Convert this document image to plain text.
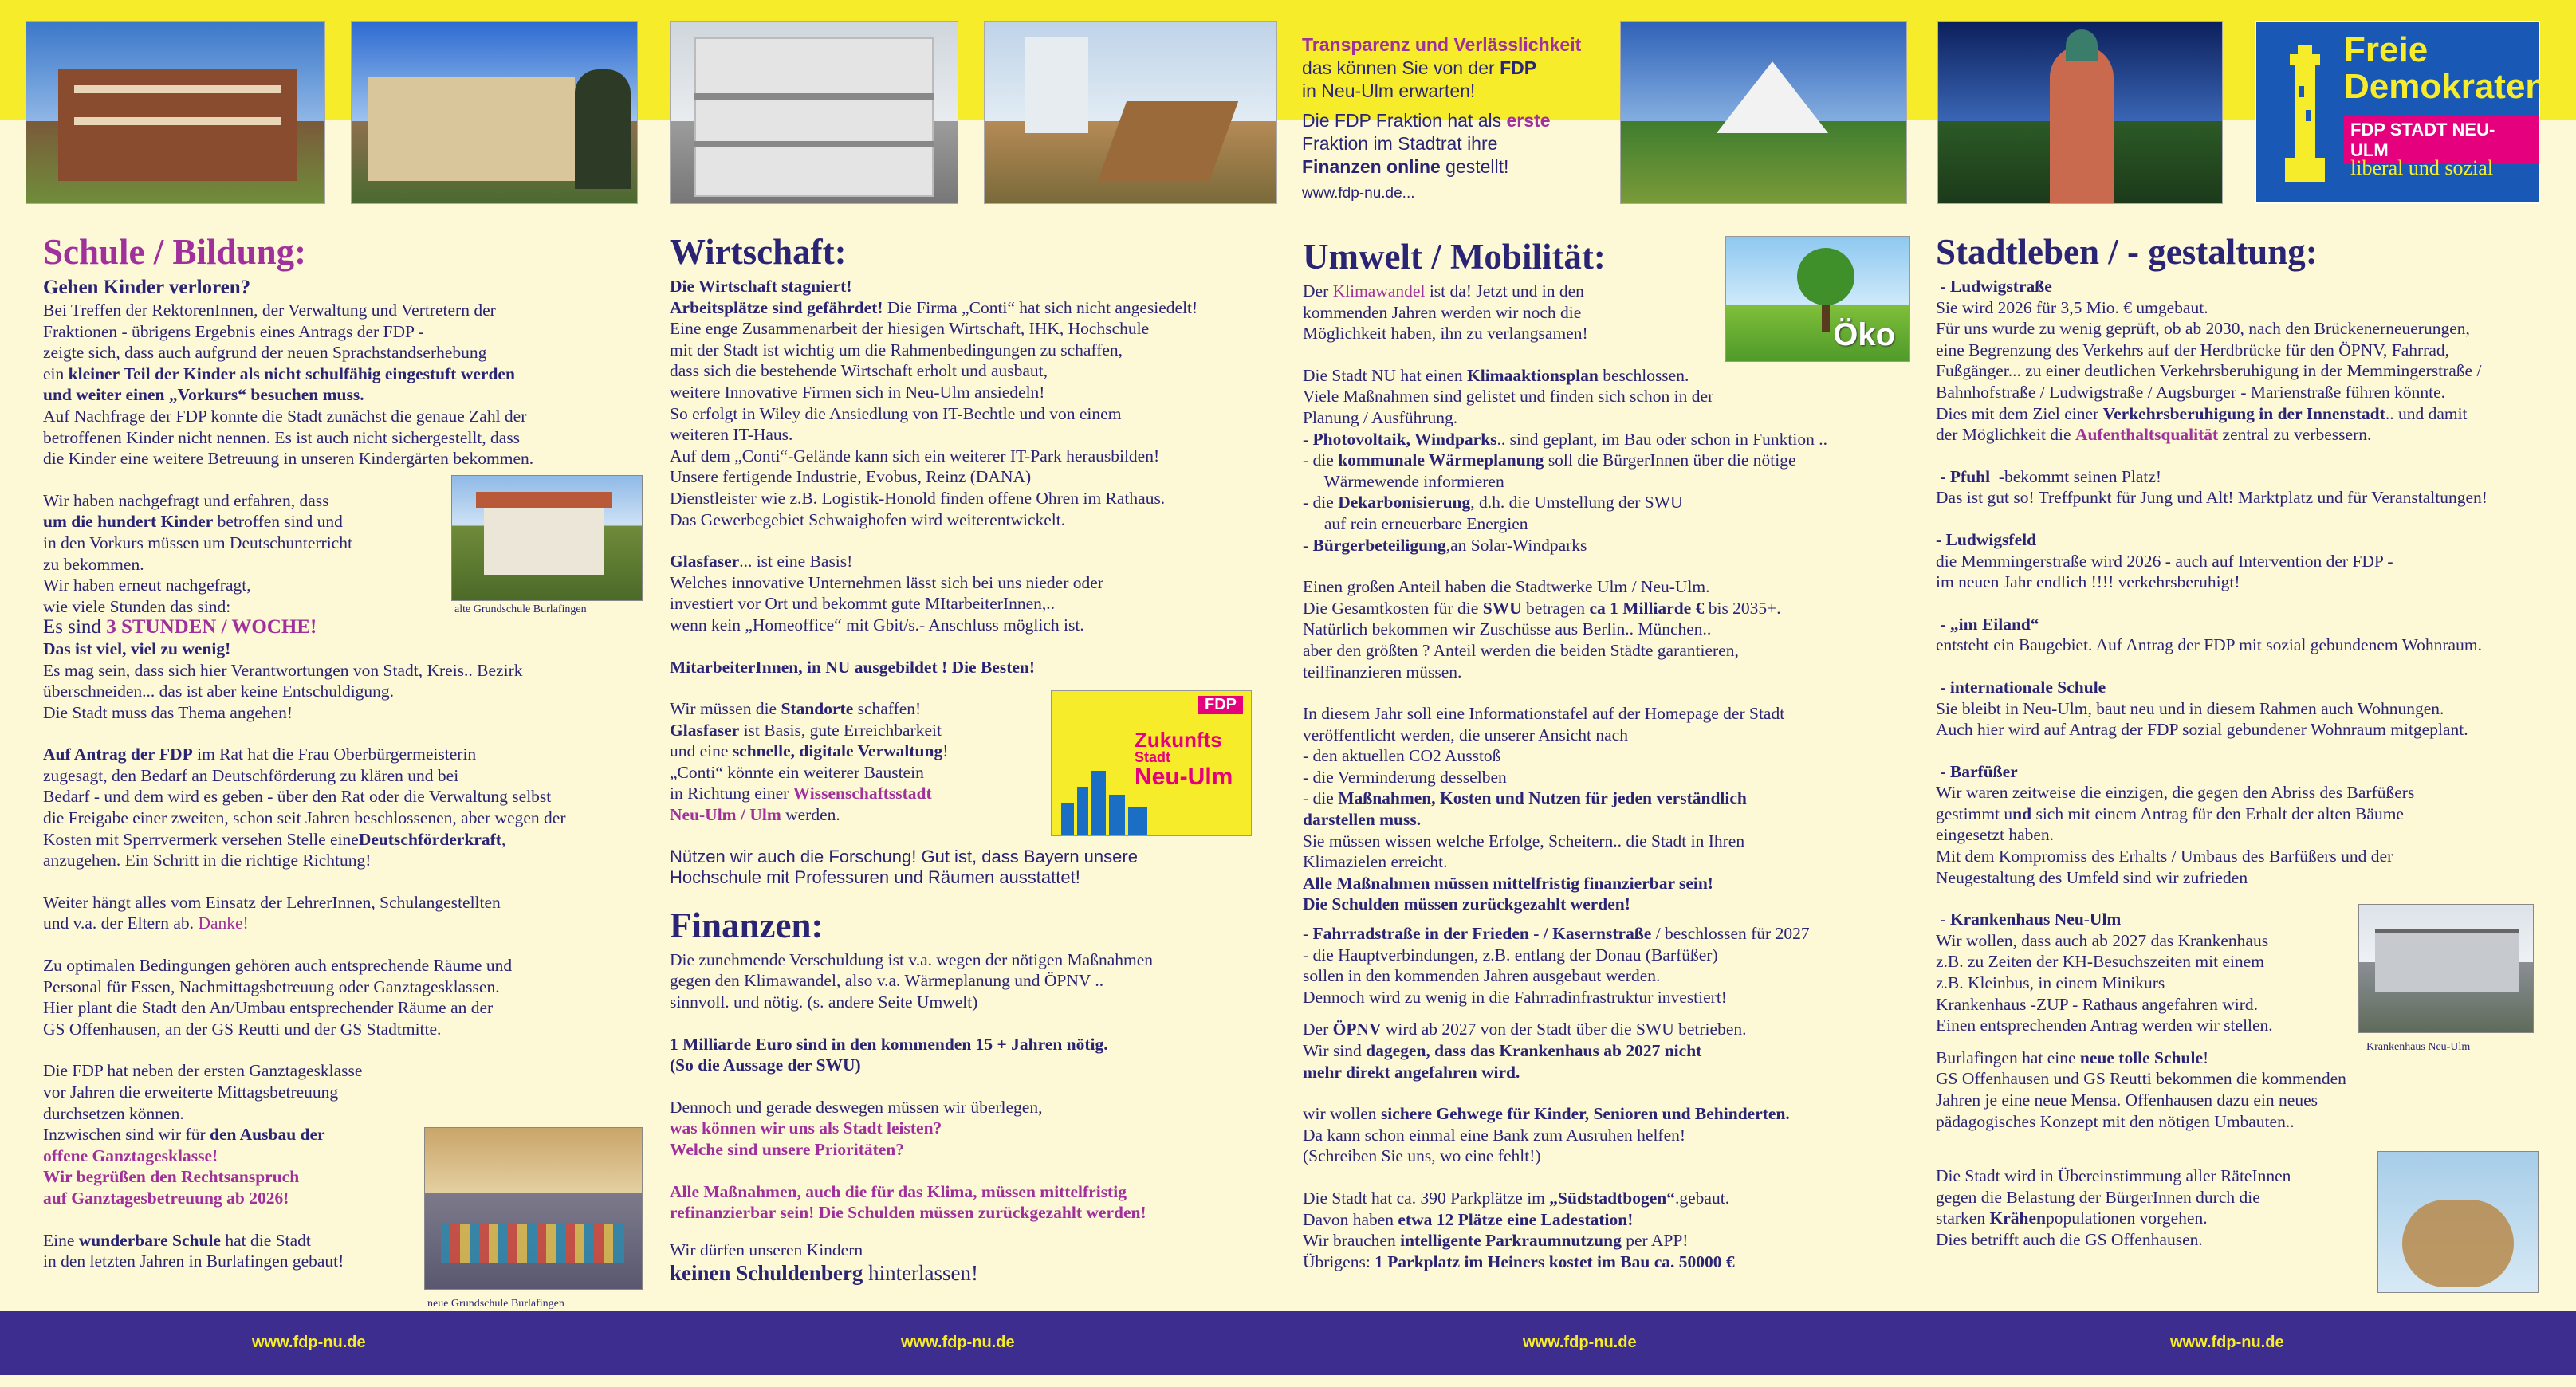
Transparenz und Verlässlichkeit
das können Sie von der FDP
in Neu-Ulm erwarten!
Die FDP Fraktion hat als erste
Fraktion im Stadtrat ihre
Finanzen online gestellt!
www.fdp-nu.de...
Freie
Demokraten
FDP STADT NEU-ULM
liberal und sozial
Schule / Bildung:
Gehen Kinder verloren?
Bei Treffen der RektorenInnen, der Verwaltung und Vertretern der
Fraktionen - übrigens Ergebnis eines Antrags der FDP -
zeigte sich, dass auch aufgrund der neuen Sprachstandserhebung
ein kleiner Teil der Kinder als nicht schulfähig eingestuft werden
und weiter einen „Vorkurs“ besuchen muss.
Auf Nachfrage der FDP konnte die Stadt zunächst die genaue Zahl der
betroffenen Kinder nicht nennen. Es ist auch nicht sichergestellt, dass
die Kinder eine weitere Betreuung in unseren Kindergärten bekommen.
Wir haben nachgefragt und erfahren, dass
um die hundert Kinder betroffen sind und
in den Vorkurs müssen um Deutschunterricht
zu bekommen.
Wir haben erneut nachgefragt,
wie viele Stunden das sind:
Es sind 3 STUNDEN / WOCHE!
Das ist viel, viel zu wenig!
Es mag sein, dass sich hier Verantwortungen von Stadt, Kreis.. Bezirk
überschneiden... das ist aber keine Entschuldigung.
Die Stadt muss das Thema angehen!
Auf Antrag der FDP im Rat hat die Frau Oberbürgermeisterin
zugesagt, den Bedarf an Deutschförderung zu klären und bei
Bedarf - und dem wird es geben - über den Rat oder die Verwaltung selbst
die Freigabe einer zweiten, schon seit Jahren beschlossenen, aber wegen der
Kosten mit Sperrvermerk versehen Stelle eineDeutschförderkraft,
anzugehen. Ein Schritt in die richtige Richtung!
Weiter hängt alles vom Einsatz der LehrerInnen, Schulangestellten
und v.a. der Eltern ab. Danke!
Zu optimalen Bedingungen gehören auch entsprechende Räume und
Personal für Essen, Nachmittagsbetreuung oder Ganztagesklassen.
Hier plant die Stadt den An/Umbau entsprechender Räume an der
GS Offenhausen, an der GS Reutti und der GS Stadtmitte.
Die FDP hat neben der ersten Ganztagesklasse
vor Jahren die erweiterte Mittagsbetreuung
durchsetzen können.
Inzwischen sind wir für den Ausbau der
offene Ganztagesklasse!
Wir begrüßen den Rechtsanspruch
auf Ganztagesbetreuung ab 2026!
Eine wunderbare Schule hat die Stadt
in den letzten Jahren in Burlafingen gebaut!
alte Grundschule Burlafingen
neue Grundschule Burlafingen
Wirtschaft:
Die Wirtschaft stagniert!
Arbeitsplätze sind gefährdet! Die Firma „Conti“ hat sich nicht angesiedelt!
Eine enge Zusammenarbeit der hiesigen Wirtschaft, IHK, Hochschule
mit der Stadt ist wichtig um die Rahmenbedingungen zu schaffen,
dass sich die bestehende Wirtschaft erholt und ausbaut,
weitere Innovative Firmen sich in Neu-Ulm ansiedeln!
So erfolgt in Wiley die Ansiedlung von IT-Bechtle und von einem
weiteren IT-Haus.
Auf dem „Conti“-Gelände kann sich ein weiterer IT-Park herausbilden!
Unsere fertigende Industrie, Evobus, Reinz (DANA)
Dienstleister wie z.B. Logistik-Honold finden offene Ohren im Rathaus.
Das Gewerbegebiet Schwaighofen wird weiterentwickelt.
Glasfaser... ist eine Basis!
Welches innovative Unternehmen lässt sich bei uns nieder oder
investiert vor Ort und bekommt gute MItarbeiterInnen,..
wenn kein „Homeoffice“ mit Gbit/s.- Anschluss möglich ist.
MitarbeiterInnen, in NU ausgebildet ! Die Besten!
Wir müssen die Standorte schaffen!
Glasfaser ist Basis, gute Erreichbarkeit
und eine schnelle, digitale Verwaltung!
„Conti“ könnte ein weiterer Baustein
in Richtung einer Wissenschaftsstadt
Neu-Ulm / Ulm werden.
Nützen wir auch die Forschung! Gut ist, dass Bayern unsere
Hochschule mit Professuren und Räumen ausstattet!
Finanzen:
Die zunehmende Verschuldung ist v.a. wegen der nötigen Maßnahmen
gegen den Klimawandel, also v.a. Wärmeplanung und ÖPNV ..
sinnvoll. und nötig. (s. andere Seite Umwelt)
1 Milliarde Euro sind in den kommenden 15 + Jahren nötig.
(So die Aussage der SWU)
Dennoch und gerade deswegen müssen wir überlegen,
was können wir uns als Stadt leisten?
Welche sind unsere Prioritäten?
Alle Maßnahmen, auch die für das Klima, müssen mittelfristig
refinanzierbar sein! Die Schulden müssen zurückgezahlt werden!
Wir dürfen unseren Kindern
keinen Schuldenberg hinterlassen!
FDP
Zukunfts
Stadt
Neu-Ulm
Umwelt / Mobilität:
Der Klimawandel ist da! Jetzt und in den
kommenden Jahren werden wir noch die
Möglichkeit haben, ihn zu verlangsamen!
Die Stadt NU hat einen Klimaaktionsplan beschlossen.
Viele Maßnahmen sind gelistet und finden sich schon in der
Planung / Ausführung.
- Photovoltaik, Windparks.. sind geplant, im Bau oder schon in Funktion ..
- die kommunale Wärmeplanung soll die BürgerInnen über die nötige
Wärmewende informieren
- die Dekarbonisierung, d.h. die Umstellung der SWU
auf rein erneuerbare Energien
- Bürgerbeteiligung,an Solar-Windparks
Einen großen Anteil haben die Stadtwerke Ulm / Neu-Ulm.
Die Gesamtkosten für die SWU betragen ca 1 Milliarde € bis 2035+.
Natürlich bekommen wir Zuschüsse aus Berlin.. München..
aber den größten ? Anteil werden die beiden Städte garantieren,
teilfinanzieren müssen.
In diesem Jahr soll eine Informationstafel auf der Homepage der Stadt
veröffentlicht werden, die unserer Ansicht nach
- den aktuellen CO2 Ausstoß
- die Verminderung desselben
- die Maßnahmen, Kosten und Nutzen für jeden verständlich
darstellen muss.
Sie müssen wissen welche Erfolge, Scheitern.. die Stadt in Ihren
Klimazielen erreicht.
Alle Maßnahmen müssen mittelfristig finanzierbar sein!
Die Schulden müssen zurückgezahlt werden!
- Fahrradstraße in der Frieden - / Kasernstraße / beschlossen für 2027
- die Hauptverbindungen, z.B. entlang der Donau (Barfüßer)
sollen in den kommenden Jahren ausgebaut werden.
Dennoch wird zu wenig in die Fahrradinfrastruktur investiert!
Der ÖPNV wird ab 2027 von der Stadt über die SWU betrieben.
Wir sind dagegen, dass das Krankenhaus ab 2027 nicht
mehr direkt angefahren wird.
wir wollen sichere Gehwege für Kinder, Senioren und Behinderten.
Da kann schon einmal eine Bank zum Ausruhen helfen!
(Schreiben Sie uns, wo eine fehlt!)
Die Stadt hat ca. 390 Parkplätze im „Südstadtbogen“.gebaut.
Davon haben etwa 12 Plätze eine Ladestation!
Wir brauchen intelligente Parkraumnutzung per APP!
Übrigens: 1 Parkplatz im Heiners kostet im Bau ca. 50000 €
Öko
Stadtleben / - gestaltung:
- Ludwigstraße
Sie wird 2026 für 3,5 Mio. € umgebaut.
Für uns wurde zu wenig geprüft, ob ab 2030, nach den Brückenerneuerungen,
eine Begrenzung des Verkehrs auf der Herdbrücke für den ÖPNV, Fahrrad,
Fußgänger... zu einer deutlichen Verkehrsberuhigung in der Memmingerstraße /
Bahnhofstraße / Ludwigstraße / Augsburger - Marienstraße führen könnte.
Dies mit dem Ziel einer Verkehrsberuhigung in der Innenstadt.. und damit
der Möglichkeit die Aufenthaltsqualität zentral zu verbessern.
- Pfuhl  -bekommt seinen Platz!
Das ist gut so! Treffpunkt für Jung und Alt! Marktplatz und für Veranstaltungen!
- Ludwigsfeld
die Memmingerstraße wird 2026 - auch auf Intervention der FDP -
im neuen Jahr endlich !!!! verkehrsberuhigt!
- „im Eiland“
entsteht ein Baugebiet. Auf Antrag der FDP mit sozial gebundenem Wohnraum.
- internationale Schule
Sie bleibt in Neu-Ulm, baut neu und in diesem Rahmen auch Wohnungen.
Auch hier wird auf Antrag der FDP sozial gebundener Wohnraum mitgeplant.
- Barfüßer
Wir waren zeitweise die einzigen, die gegen den Abriss des Barfüßers
gestimmt und sich mit einem Antrag für den Erhalt der alten Bäume
eingesetzt haben.
Mit dem Kompromiss des Erhalts / Umbaus des Barfüßers und der
Neugestaltung des Umfeld sind wir zufrieden
- Krankenhaus Neu-Ulm
Wir wollen, dass auch ab 2027 das Krankenhaus
z.B. zu Zeiten der KH-Besuchszeiten mit einem
z.B. Kleinbus, in einem Minikurs
Krankenhaus -ZUP - Rathaus angefahren wird.
Einen entsprechenden Antrag werden wir stellen.
Burlafingen hat eine neue tolle Schule!
GS Offenhausen und GS Reutti bekommen die kommenden
Jahren je eine neue Mensa. Offenhausen dazu ein neues
pädagogisches Konzept mit den nötigen Umbauten..
Die Stadt wird in Übereinstimmung aller RäteInnen
gegen die Belastung der BürgerInnen durch die
starken Krähenpopulationen vorgehen.
Dies betrifft auch die GS Offenhausen.
Krankenhaus Neu-Ulm
www.fdp-nu.de	www.fdp-nu.de	www.fdp-nu.de	www.fdp-nu.de
